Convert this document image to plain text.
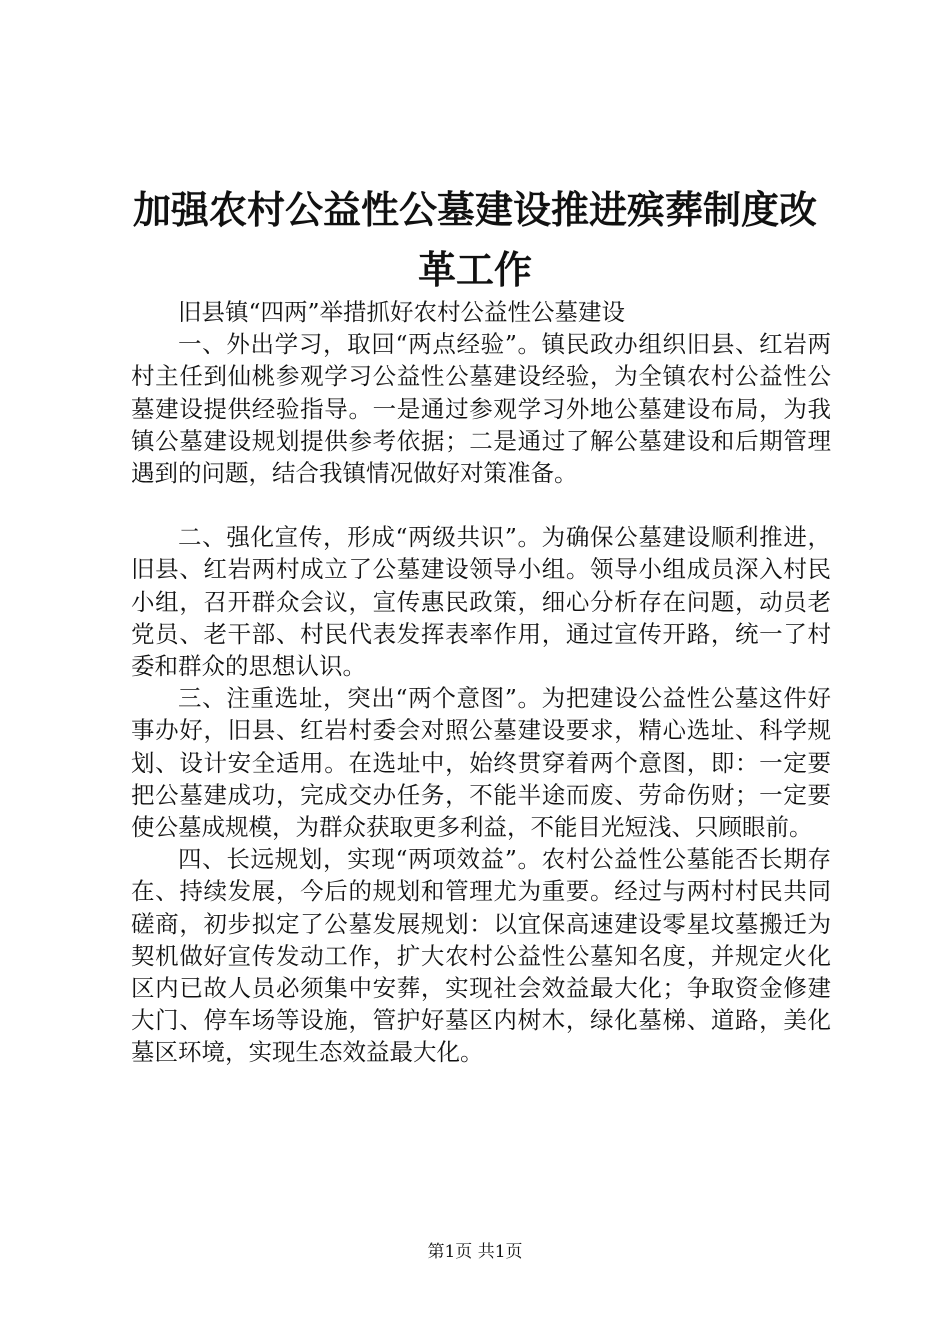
加强农村公益性公墓建设推进殡葬制度改革工作

旧县镇“四两”举措抓好农村公益性公墓建设

一、外出学习，取回“两点经验”。镇民政办组织旧县、红岩两村主任到仙桃参观学习公益性公墓建设经验，为全镇农村公益性公墓建设提供经验指导。一是通过参观学习外地公墓建设布局，为我镇公墓建设规划提供参考依据；二是通过了解公墓建设和后期管理遇到的问题，结合我镇情况做好对策准备。

二、强化宣传，形成“两级共识”。为确保公墓建设顺利推进，旧县、红岩两村成立了公墓建设领导小组。领导小组成员深入村民小组，召开群众会议，宣传惠民政策，细心分析存在问题，动员老党员、老干部、村民代表发挥表率作用，通过宣传开路，统一了村委和群众的思想认识。

三、注重选址，突出“两个意图”。为把建设公益性公墓这件好事办好，旧县、红岩村委会对照公墓建设要求，精心选址、科学规划、设计安全适用。在选址中，始终贯穿着两个意图，即：一定要把公墓建成功，完成交办任务，不能半途而废、劳命伤财；一定要使公墓成规模，为群众获取更多利益，不能目光短浅、只顾眼前。

四、长远规划，实现“两项效益”。农村公益性公墓能否长期存在、持续发展，今后的规划和管理尤为重要。经过与两村村民共同磋商，初步拟定了公墓发展规划：以宜保高速建设零星坟墓搬迁为契机做好宣传发动工作，扩大农村公益性公墓知名度，并规定火化区内已故人员必须集中安葬，实现社会效益最大化；争取资金修建大门、停车场等设施，管护好墓区内树木，绿化墓梯、道路，美化墓区环境，实现生态效益最大化。

第1页 共1页
